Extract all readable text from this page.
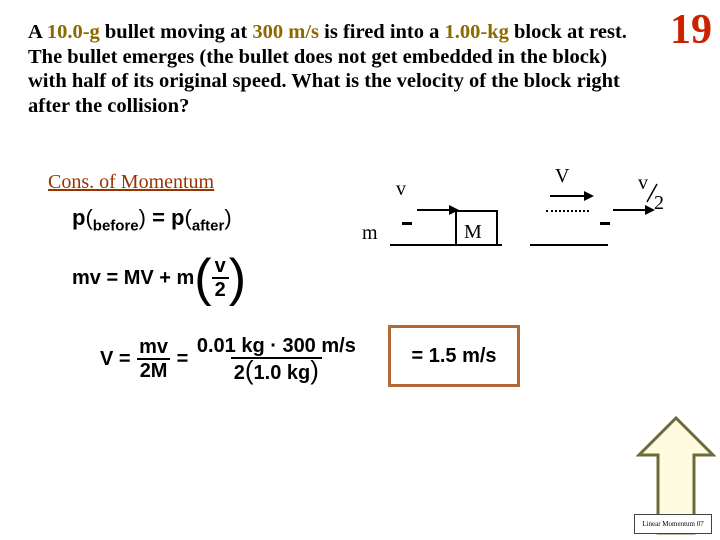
A 10.0-g bullet moving at 300 m/s is fired into a 1.00-kg block at rest. The bullet emerges (the bullet does not get embedded in the block) with half of its original speed. What is the velocity of the block right after the collision?

19
Cons. of Momentum
$p(_{before}) = p(_{after})$
mv = MV + m ( $\frac{v}{2}$ )
$V = \frac{mv}{2M} = \frac{0.01 kg \cdot 300 m/s}{2(1.0 kg)}$	= 1.5 m/s
v
m	M
V	v
2
Linear Momentum 07
